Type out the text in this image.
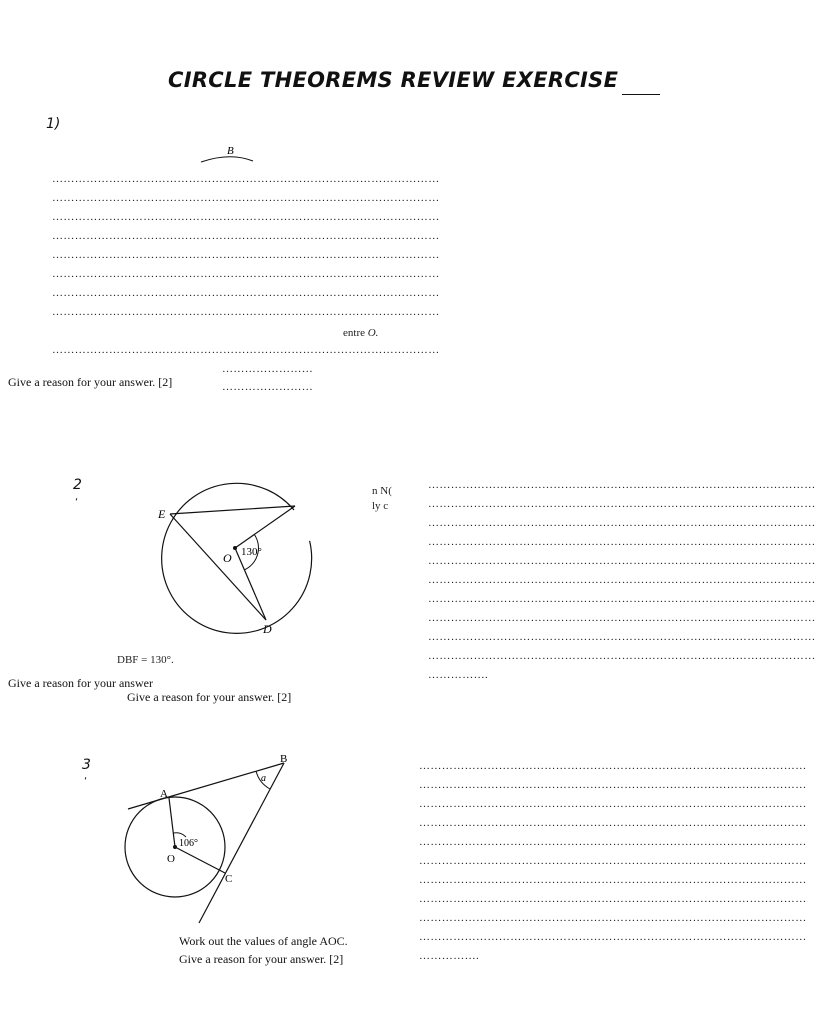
CIRCLE THEOREMS REVIEW EXERCISE
1)
B
…………………………………………………………………………………………
…………………………………………………………………………………………
…………………………………………………………………………………………
…………………………………………………………………………………………
…………………………………………………………………………………………
…………………………………………………………………………………………
…………………………………………………………………………………………
…………………………………………………………………………………………
entre O.
…………………………………………………………………………………………
……………………
Give a reason for your answer. [2]	……………………
2
‘
E
O 130°
D
n N(
ly c
…………………………………………………………………………………………
…………………………………………………………………………………………
…………………………………………………………………………………………
…………………………………………………………………………………………
…………………………………………………………………………………………
…………………………………………………………………………………………
…………………………………………………………………………………………
…………………………………………………………………………………………
…………………………………………………………………………………………
…………………………………………………………………………………………
…………….
DBF = 130°.
Give a reason for your answer
Give a reason for your answer. [2]
3
‘
A
B
C
O
106°
a
…………………………………………………………………………………………
…………………………………………………………………………………………
…………………………………………………………………………………………
…………………………………………………………………………………………
…………………………………………………………………………………………
…………………………………………………………………………………………
…………………………………………………………………………………………
…………………………………………………………………………………………
…………………………………………………………………………………………
…………………………………………………………………………………………
…………….
Work out the values of angle AOC.
Give a reason for your answer. [2]
